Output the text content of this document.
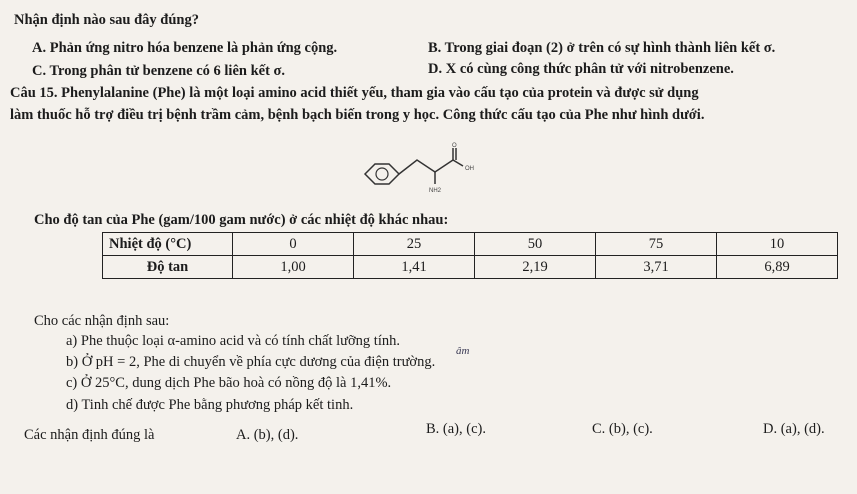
Nhận định nào sau đây đúng?
A. Phản ứng nitro hóa benzene là phản ứng cộng.	B. Trong giai đoạn (2) ở trên có sự hình thành liên kết σ.
C. Trong phân tử benzene có 6 liên kết σ.	D. X có cùng công thức phân tử với nitrobenzene.
Câu 15. Phenylalanine (Phe) là một loại amino acid thiết yếu, tham gia vào cấu tạo của protein và được sử dụng
làm thuốc hỗ trợ điều trị bệnh trầm cảm, bệnh bạch biến trong y học. Công thức cấu tạo của Phe như hình dưới.
O
OH
NH2
Cho độ tan của Phe (gam/100 gam nước) ở các nhiệt độ khác nhau:
Nhiệt độ (°C)	0	25	50	75	10
Độ tan	1,00	1,41	2,19	3,71	6,89
Cho các nhận định sau:
a) Phe thuộc loại α-amino acid và có tính chất lưỡng tính.
âm
b) Ở pH = 2, Phe di chuyển về phía cực dương của điện trường.
c) Ở 25°C, dung dịch Phe bão hoà có nồng độ là 1,41%.
d) Tinh chế được Phe bằng phương pháp kết tinh.
Các nhận định đúng là	A. (b), (d).	B. (a), (c).	C. (b), (c).	D. (a), (d).
